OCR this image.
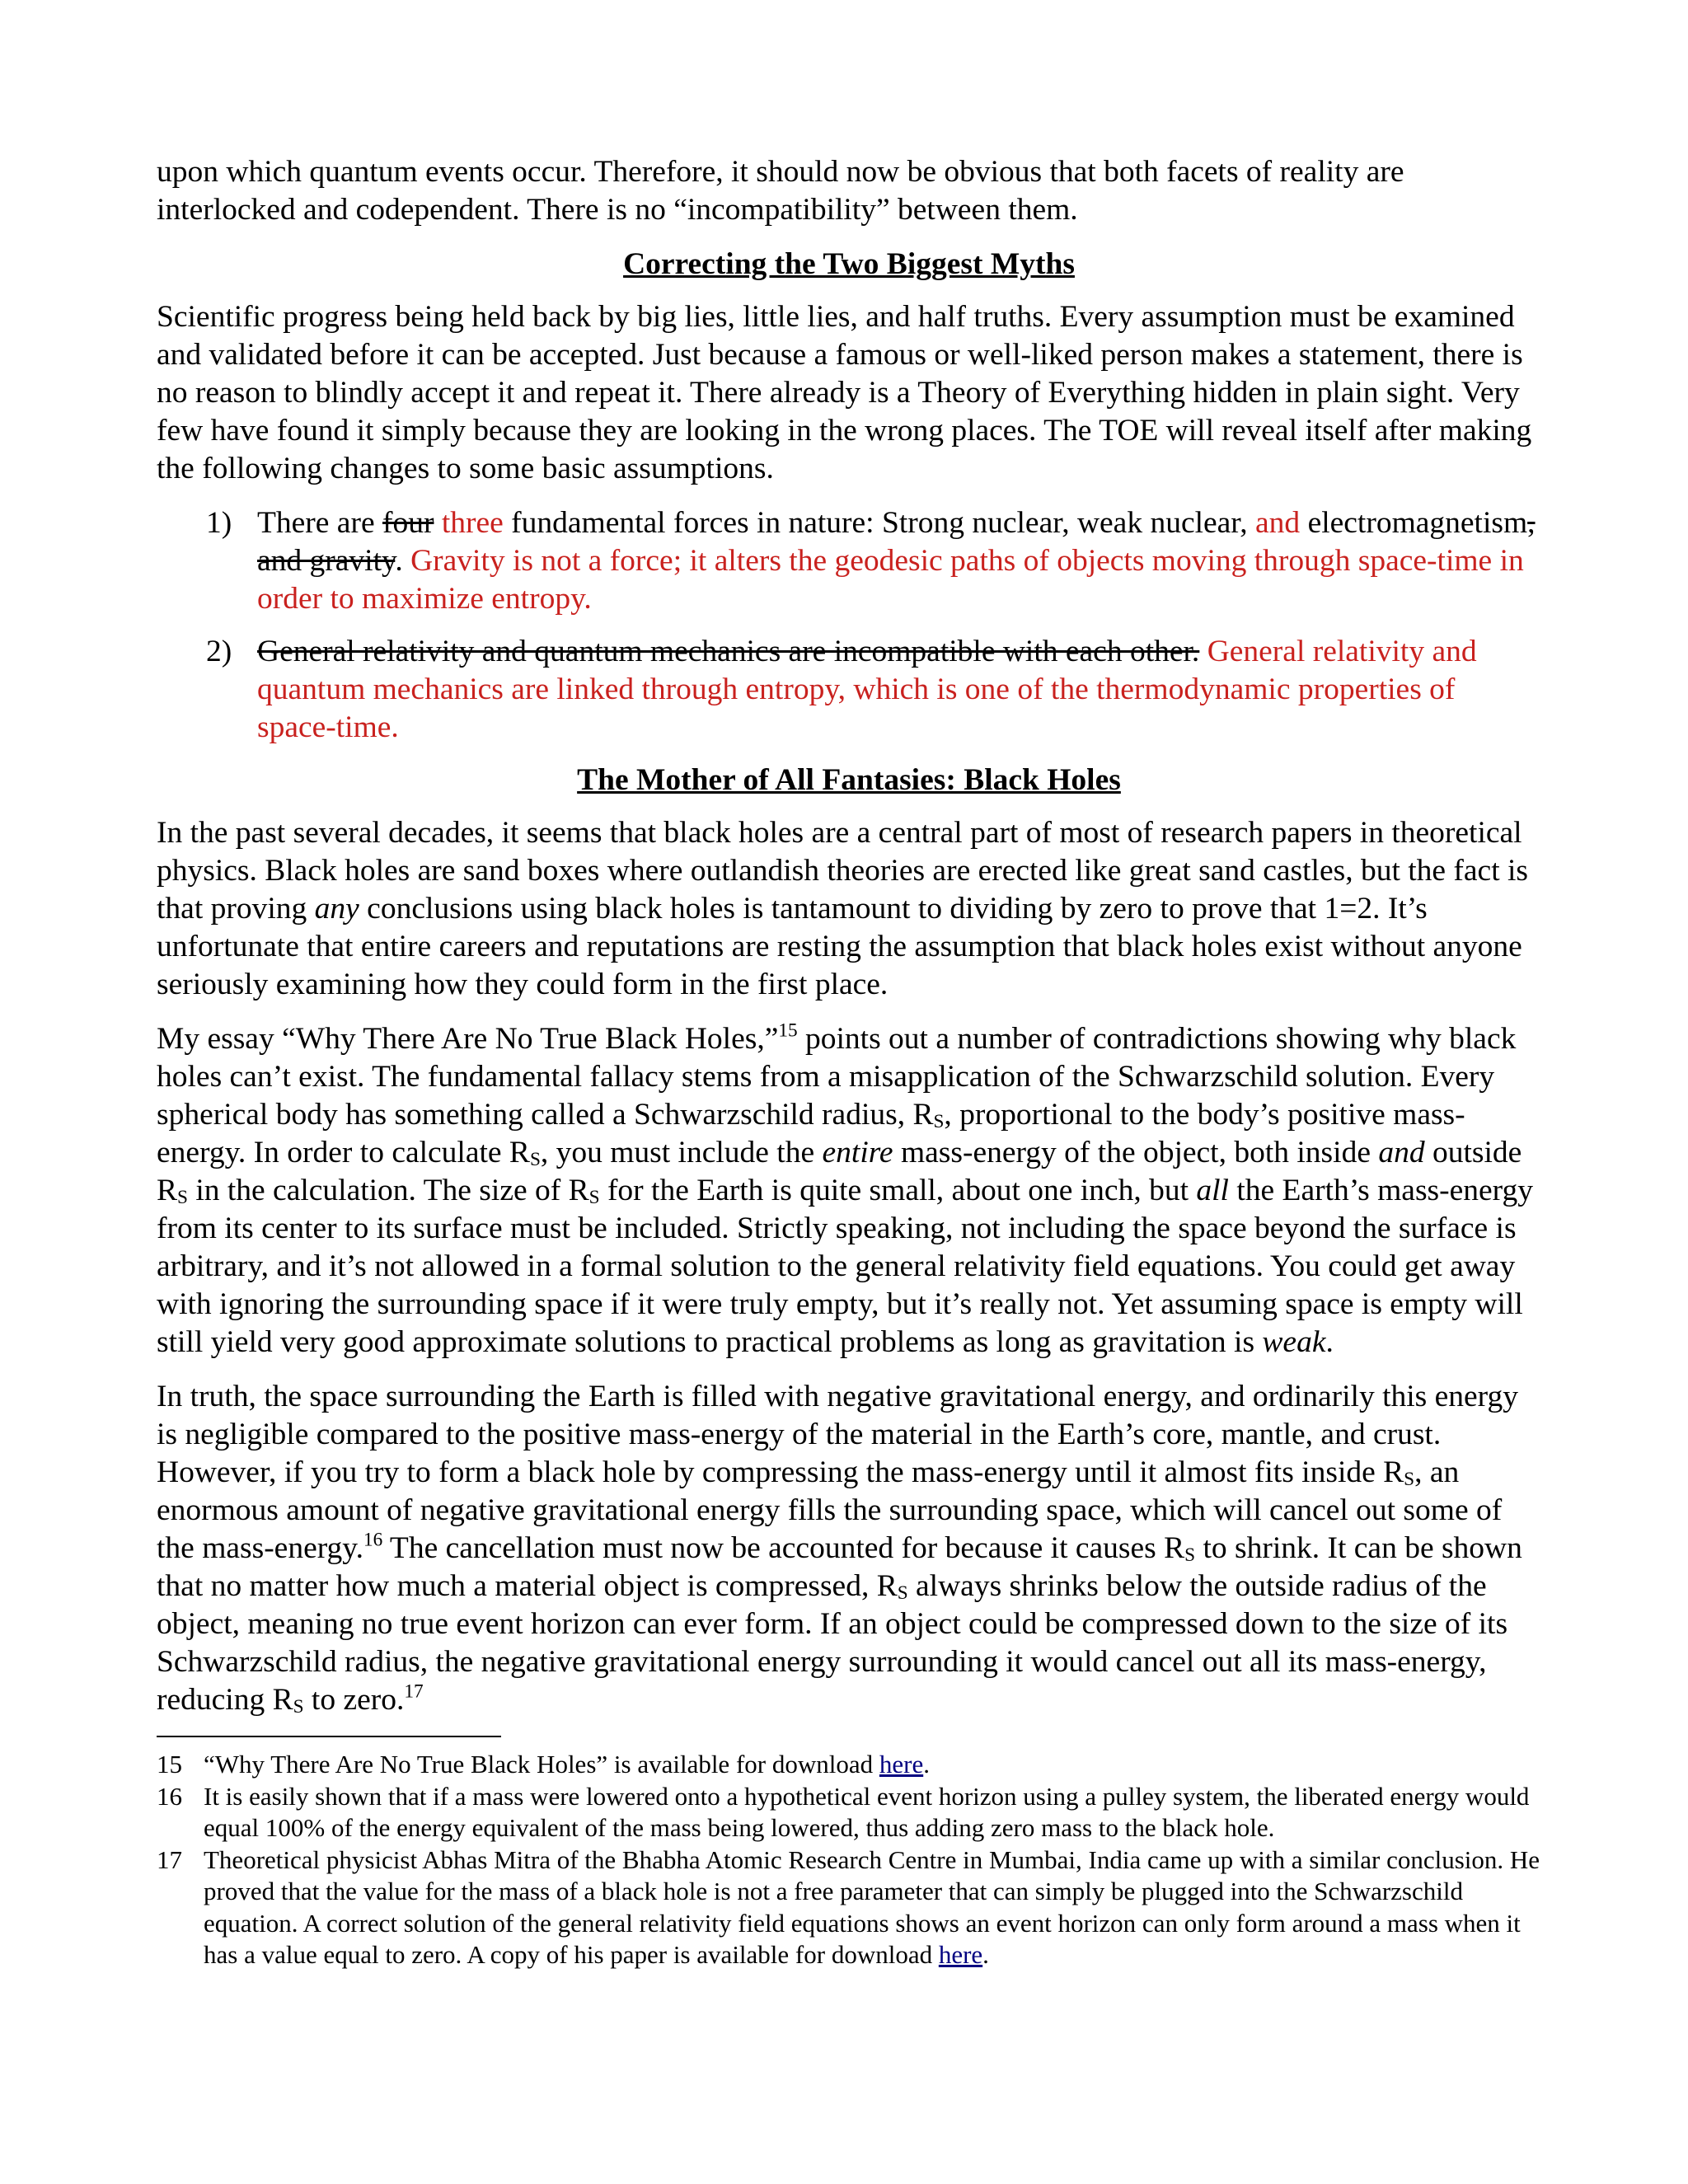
upon which quantum events occur. Therefore, it should now be obvious that both facets of reality are interlocked and codependent. There is no “incompatibility” between them.

Correcting the Two Biggest Myths

Scientific progress being held back by big lies, little lies, and half truths. Every assumption must be examined and validated before it can be accepted. Just because a famous or well-liked person makes a statement, there is no reason to blindly accept it and repeat it. There already is a Theory of Everything hidden in plain sight. Very few have found it simply because they are looking in the wrong places. The TOE will reveal itself after making the following changes to some basic assumptions.

1) There are four three fundamental forces in nature: Strong nuclear, weak nuclear, and electromagnetism, and gravity. Gravity is not a force; it alters the geodesic paths of objects moving through space-time in order to maximize entropy.
2) General relativity and quantum mechanics are incompatible with each other. General relativity and quantum mechanics are linked through entropy, which is one of the thermodynamic properties of space-time.

The Mother of All Fantasies: Black Holes

In the past several decades, it seems that black holes are a central part of most of research papers in theoretical physics. Black holes are sand boxes where outlandish theories are erected like great sand castles, but the fact is that proving any conclusions using black holes is tantamount to dividing by zero to prove that 1=2. It’s unfortunate that entire careers and reputations are resting the assumption that black holes exist without anyone seriously examining how they could form in the first place.

My essay “Why There Are No True Black Holes,”$^{15}$ points out a number of contradictions showing why black holes can’t exist. The fundamental fallacy stems from a misapplication of the Schwarzschild solution. Every spherical body has something called a Schwarzschild radius, $R_S$, proportional to the body’s positive mass-energy. In order to calculate $R_S$, you must include the entire mass-energy of the object, both inside and outside $R_S$ in the calculation. The size of $R_S$ for the Earth is quite small, about one inch, but all the Earth’s mass-energy from its center to its surface must be included. Strictly speaking, not including the space beyond the surface is arbitrary, and it’s not allowed in a formal solution to the general relativity field equations. You could get away with ignoring the surrounding space if it were truly empty, but it’s really not. Yet assuming space is empty will still yield very good approximate solutions to practical problems as long as gravitation is weak.

In truth, the space surrounding the Earth is filled with negative gravitational energy, and ordinarily this energy is negligible compared to the positive mass-energy of the material in the Earth’s core, mantle, and crust. However, if you try to form a black hole by compressing the mass-energy until it almost fits inside $R_S$, an enormous amount of negative gravitational energy fills the surrounding space, which will cancel out some of the mass-energy.$^{16}$ The cancellation must now be accounted for because it causes $R_S$ to shrink. It can be shown that no matter how much a material object is compressed, $R_S$ always shrinks below the outside radius of the object, meaning no true event horizon can ever form. If an object could be compressed down to the size of its Schwarzschild radius, the negative gravitational energy surrounding it would cancel out all its mass-energy, reducing $R_S$ to zero.$^{17}$

15 “Why There Are No True Black Holes” is available for download here.

16 It is easily shown that if a mass were lowered onto a hypothetical event horizon using a pulley system, the liberated energy would equal 100% of the energy equivalent of the mass being lowered, thus adding zero mass to the black hole.

17 Theoretical physicist Abhas Mitra of the Bhabha Atomic Research Centre in Mumbai, India came up with a similar conclusion. He proved that the value for the mass of a black hole is not a free parameter that can simply be plugged into the Schwarzschild equation. A correct solution of the general relativity field equations shows an event horizon can only form around a mass when it has a value equal to zero. A copy of his paper is available for download here.
